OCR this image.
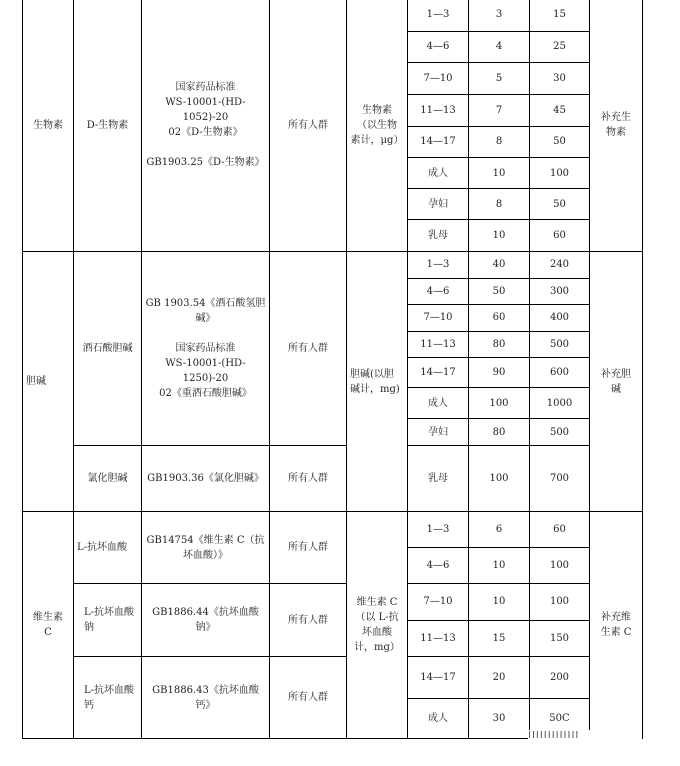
生物素	D-生物素	国家药品标准
WS-10001-(HD-1052)-20
02《D-生物素》

GB1903.25《D-生物素》	所有人群	生物素
（以生物
素计，μg）	1—3	3	15	补充生
物素
					4—6	4	25	
					7—10	5	30	
					11—13	7	45	
					14—17	8	50	
					成人	10	100	
					孕妇	8	50	
					乳母	10	60	
胆碱	酒石酸胆碱	GB 1903.54《酒石酸氢胆
碱》

国家药品标准
WS-10001-(HD-1250)-20
02《重酒石酸胆碱》	所有人群	胆碱(以胆
碱计，mg)	1—3	40	240	补充胆
碱
					4—6	50	300	
					7—10	60	400	
					11—13	80	500	
					14—17	90	600	
					成人	100	1000	
					孕妇	80	500	
	氯化胆碱	GB1903.36《氯化胆碱》	所有人群		乳母	100	700	
维生素
C	L-抗坏血酸	GB14754《维生素 C（抗
坏血酸）》	所有人群	维生素 C
（以 L-抗
坏血酸
计，mg）	1—3	6	60	补充维
生素 C
					4—6	10	100	
	L-抗坏血酸
钠	GB1886.44《抗坏血酸钠》	所有人群		7—10	10	100	
					11—13	15	150	
	L-抗坏血酸
钙	GB1886.43《抗坏血酸钙》	所有人群		14—17	20	200	
					成人	30	50C	
IIIIIIIIIIIII
